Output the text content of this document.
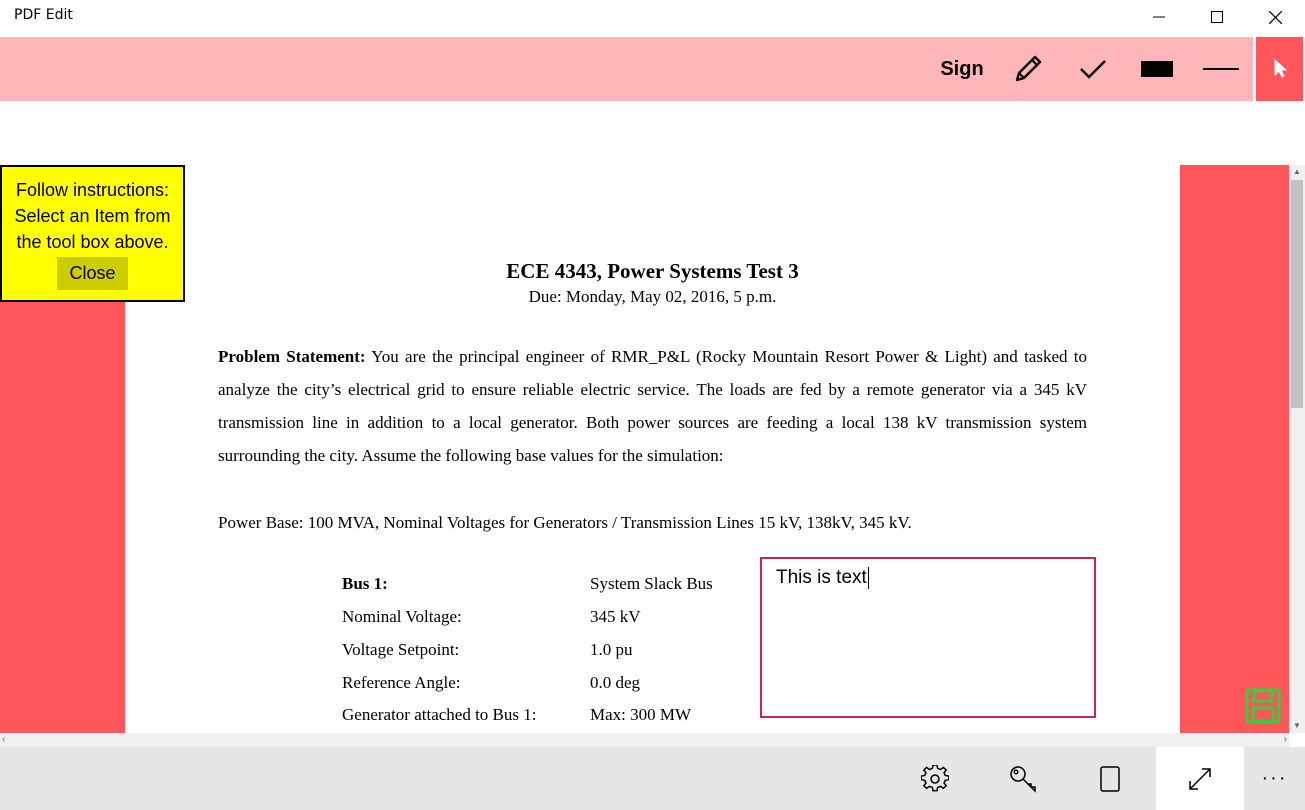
PDF Edit
Sign
ECE 4343, Power Systems Test 3
Due: Monday, May 02, 2016, 5 p.m.
Problem Statement: You are the principal engineer of RMR_P&L (Rocky Mountain Resort Power & Light) and tasked to analyze the city’s electrical grid to ensure reliable electric service. The loads are fed by a remote generator via a 345 kV transmission line in addition to a local generator. Both power sources are feeding a local 138 kV transmission system surrounding the city. Assume the following base values for the simulation:
Power Base: 100 MVA, Nominal Voltages for Generators / Transmission Lines 15 kV, 138kV, 345 kV.
Bus 1:	System Slack Bus
Nominal Voltage:	345 kV
Voltage Setpoint:	1.0 pu
Reference Angle:	0.0 deg
Generator attached to Bus 1:	Max: 300 MW
This is text
▲
▼
‹	›
Follow instructions:
Select an Item from
the tool box above.
Close
···
